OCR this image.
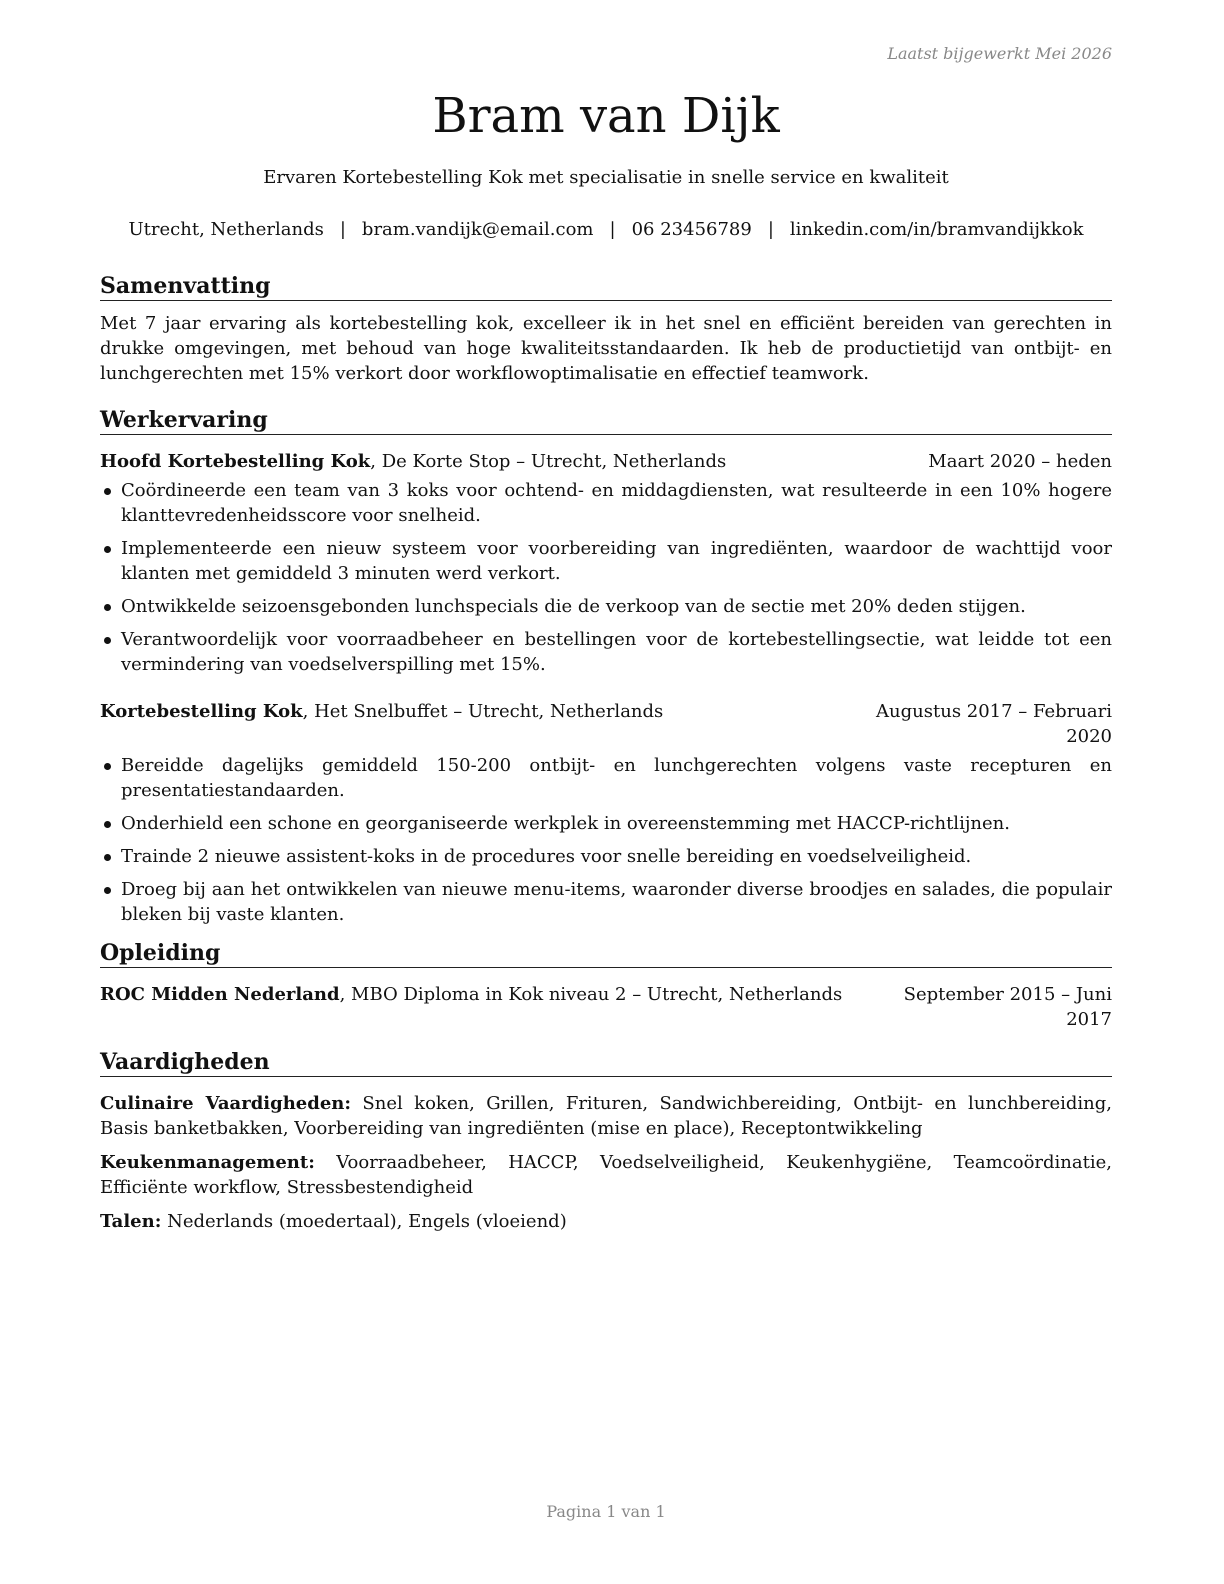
Laatst bijgewerkt Mei 2026
Bram van Dijk
Ervaren Kortebestelling Kok met specialisatie in snelle service en kwaliteit
Utrecht, Netherlands | bram.vandijk@email.com | 06 23456789 | linkedin.com/in/bramvandijkkok
Samenvatting

Met 7 jaar ervaring als kortebestelling kok, excelleer ik in het snel en efficiënt bereiden van gerechten in drukke omgevingen, met behoud van hoge kwaliteitsstandaarden. Ik heb de productietijd van ontbijt- en lunchgerechten met 15% verkort door workflowoptimalisatie en effectief teamwork.

Werkervaring
Hoofd Kortebestelling Kok, De Korte Stop – Utrecht, Netherlands	Maart 2020 – heden
Coördineerde een team van 3 koks voor ochtend- en middagdiensten, wat resulteerde in een 10% hogere klanttevredenheidsscore voor snelheid.
Implementeerde een nieuw systeem voor voorbereiding van ingrediënten, waardoor de wachttijd voor klanten met gemiddeld 3 minuten werd verkort.
Ontwikkelde seizoensgebonden lunchspecials die de verkoop van de sectie met 20% deden stijgen.
Verantwoordelijk voor voorraadbeheer en bestellingen voor de kortebestellingsectie, wat leidde tot een vermindering van voedselverspilling met 15%.
Kortebestelling Kok, Het Snelbuffet – Utrecht, Netherlands	Augustus 2017 – Februari 2020
Bereidde dagelijks gemiddeld 150-200 ontbijt- en lunchgerechten volgens vaste recepturen en presentatiestandaarden.
Onderhield een schone en georganiseerde werkplek in overeenstemming met HACCP-richtlijnen.
Trainde 2 nieuwe assistent-koks in de procedures voor snelle bereiding en voedselveiligheid.
Droeg bij aan het ontwikkelen van nieuwe menu-items, waaronder diverse broodjes en salades, die populair bleken bij vaste klanten.
Opleiding
ROC Midden Nederland, MBO Diploma in Kok niveau 2 – Utrecht, Netherlands	September 2015 – Juni 2017
Vaardigheden
Culinaire Vaardigheden: Snel koken, Grillen, Frituren, Sandwichbereiding, Ontbijt- en lunchbereiding, Basis banketbakken, Voorbereiding van ingrediënten (mise en place), Receptontwikkeling
Keukenmanagement: Voorraadbeheer, HACCP, Voedselveiligheid, Keukenhygiëne, Teamcoördinatie, Efficiënte workflow, Stressbestendigheid
Talen: Nederlands (moedertaal), Engels (vloeiend)
Pagina 1 van 1
